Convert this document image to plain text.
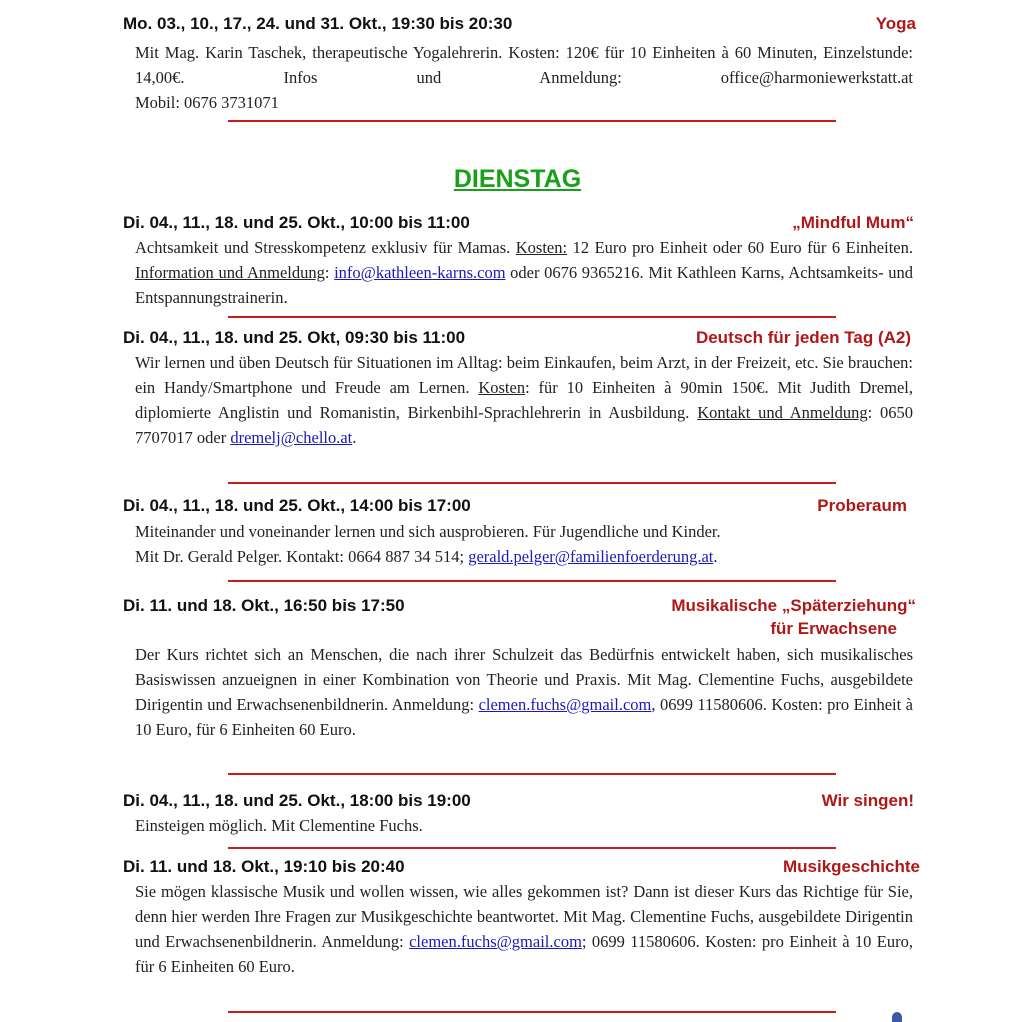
Mo. 03., 10., 17., 24. und 31. Okt., 19:30 bis 20:30	Yoga
Mit Mag. Karin Taschek, therapeutische Yogalehrerin. Kosten: 120€ für 10 Einheiten à 60 Minuten, Einzelstunde: 14,00€. Infos und Anmeldung: office@harmoniewerkstatt.at
Mobil: 0676 3731071
DIENSTAG
Di. 04., 11., 18. und 25. Okt., 10:00 bis 11:00	„Mindful Mum“
Achtsamkeit und Stresskompetenz exklusiv für Mamas. Kosten: 12 Euro pro Einheit oder 60 Euro für 6 Einheiten. Information und Anmeldung: info@kathleen-karns.com oder 0676 9365216. Mit Kathleen Karns, Achtsamkeits- und Entspannungstrainerin.
Di. 04., 11., 18. und 25. Okt, 09:30 bis 11:00	Deutsch für jeden Tag (A2)
Wir lernen und üben Deutsch für Situationen im Alltag: beim Einkaufen, beim Arzt, in der Freizeit, etc. Sie brauchen: ein Handy/Smartphone und Freude am Lernen. Kosten: für 10 Einheiten à 90min 150€. Mit Judith Dremel, diplomierte Anglistin und Romanistin, Birkenbihl-Sprachlehrerin in Ausbildung. Kontakt und Anmeldung: 0650 7707017 oder dremelj@chello.at.
Di. 04., 11., 18. und 25. Okt., 14:00 bis 17:00	Proberaum
Miteinander und voneinander lernen und sich ausprobieren. Für Jugendliche und Kinder.
Mit Dr. Gerald Pelger. Kontakt: 0664 887 34 514; gerald.pelger@familienfoerderung.at.
Di. 11. und 18. Okt., 16:50 bis 17:50	Musikalische „Späterziehung“
für Erwachsene
Der Kurs richtet sich an Menschen, die nach ihrer Schulzeit das Bedürfnis entwickelt haben, sich musikalisches Basiswissen anzueignen in einer Kombination von Theorie und Praxis. Mit Mag. Clementine Fuchs, ausgebildete Dirigentin und Erwachsenenbildnerin. Anmeldung: clemen.fuchs@gmail.com, 0699 11580606. Kosten: pro Einheit à 10 Euro, für 6 Einheiten 60 Euro.
Di. 04., 11., 18. und 25. Okt., 18:00 bis 19:00	Wir singen!
Einsteigen möglich. Mit Clementine Fuchs.
Di. 11. und 18. Okt., 19:10 bis 20:40	Musikgeschichte
Sie mögen klassische Musik und wollen wissen, wie alles gekommen ist? Dann ist dieser Kurs das Richtige für Sie, denn hier werden Ihre Fragen zur Musikgeschichte beantwortet. Mit Mag. Clementine Fuchs, ausgebildete Dirigentin und Erwachsenenbildnerin. Anmeldung: clemen.fuchs@gmail.com; 0699 11580606. Kosten: pro Einheit à 10 Euro, für 6 Einheiten 60 Euro.
